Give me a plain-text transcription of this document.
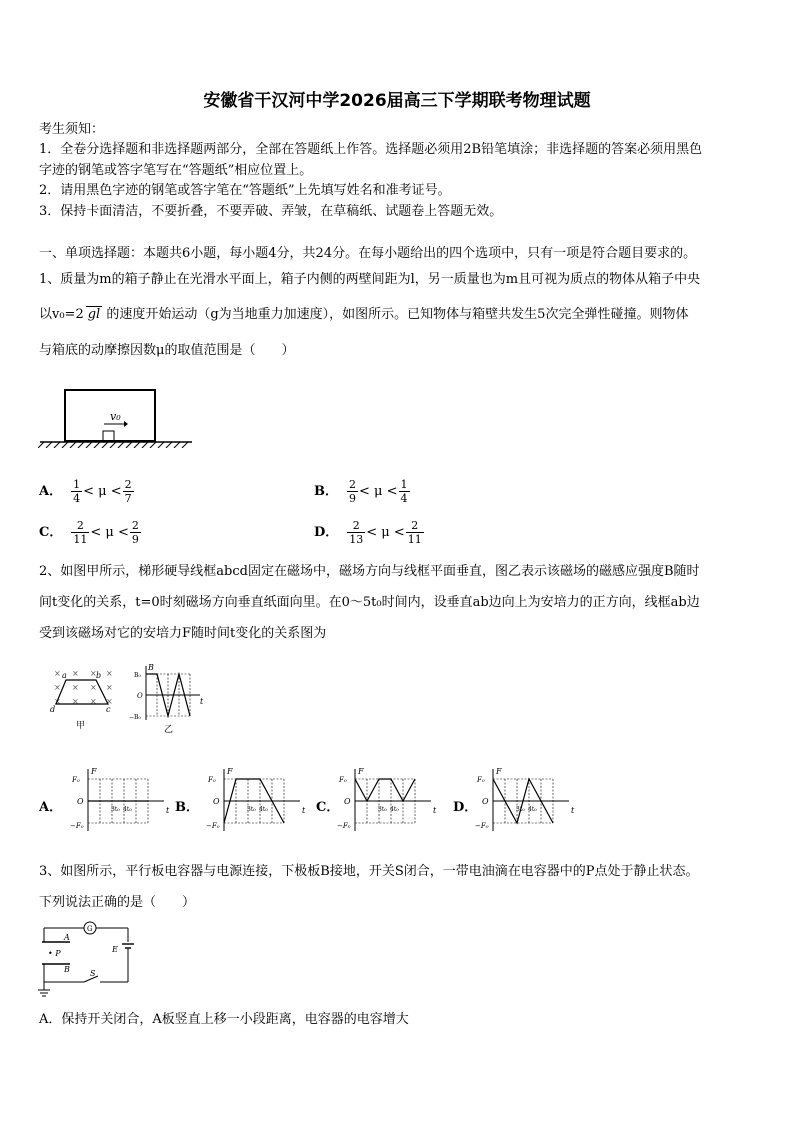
安徽省干汉河中学2026届高三下学期联考物理试题
考生须知：
1．全卷分选择题和非选择题两部分，全部在答题纸上作答。选择题必须用2B铅笔填涂；非选择题的答案必须用黑色
字迹的钢笔或答字笔写在“答题纸”相应位置上。
2．请用黑色字迹的钢笔或答字笔在“答题纸”上先填写姓名和准考证号。
3．保持卡面清洁，不要折叠，不要弄破、弄皱，在草稿纸、试题卷上答题无效。
一、单项选择题：本题共6小题，每小题4分，共24分。在每小题给出的四个选项中，只有一项是符合题目要求的。
1、质量为m的箱子静止在光滑水平面上，箱子内侧的两壁间距为l，另一质量也为m且可视为质点的物体从箱子中央
以v₀=2 gl 的速度开始运动（g为当地重力加速度），如图所示。已知物体与箱壁共发生5次完全弹性碰撞。则物体
与箱底的动摩擦因数μ的取值范围是（　　）
v₀
A． $\frac{1}{4} < \mu < \frac{2}{7}$	B． $\frac{2}{9} < \mu < \frac{1}{4}$
C． $\frac{2}{11} < \mu < \frac{2}{9}$	D． $\frac{2}{13} < \mu < \frac{2}{11}$
2、如图甲所示，梯形硬导线框abcd固定在磁场中，磁场方向与线框平面垂直，图乙表示该磁场的磁感应强度B随时
间t变化的关系，t=0时刻磁场方向垂直纸面向里。在0～5t₀时间内，设垂直ab边向上为安培力的正方向，线框ab边
受到该磁场对它的安培力F随时间t变化的关系图为
× × × ×
× × × ×
× × × ×
a	b
d	c
甲
B
B₀
O
−B₀
t
乙
A．	B．	C．	D．
F
F₀
O
−F₀
t
3t₀ 4t₀
F
F₀
O
−F₀
t
3t₀ 4t₀
F
F₀
O
−F₀
t
3t₀ 4t₀
F
F₀
O
−F₀
t
3t₀ 4t₀
3、如图所示，平行板电容器与电源连接，下极板B接地，开关S闭合，一带电油滴在电容器中的P点处于静止状态。
下列说法正确的是（　　）
G
A
• P
B
E
S
A．保持开关闭合，A板竖直上移一小段距离，电容器的电容增大
